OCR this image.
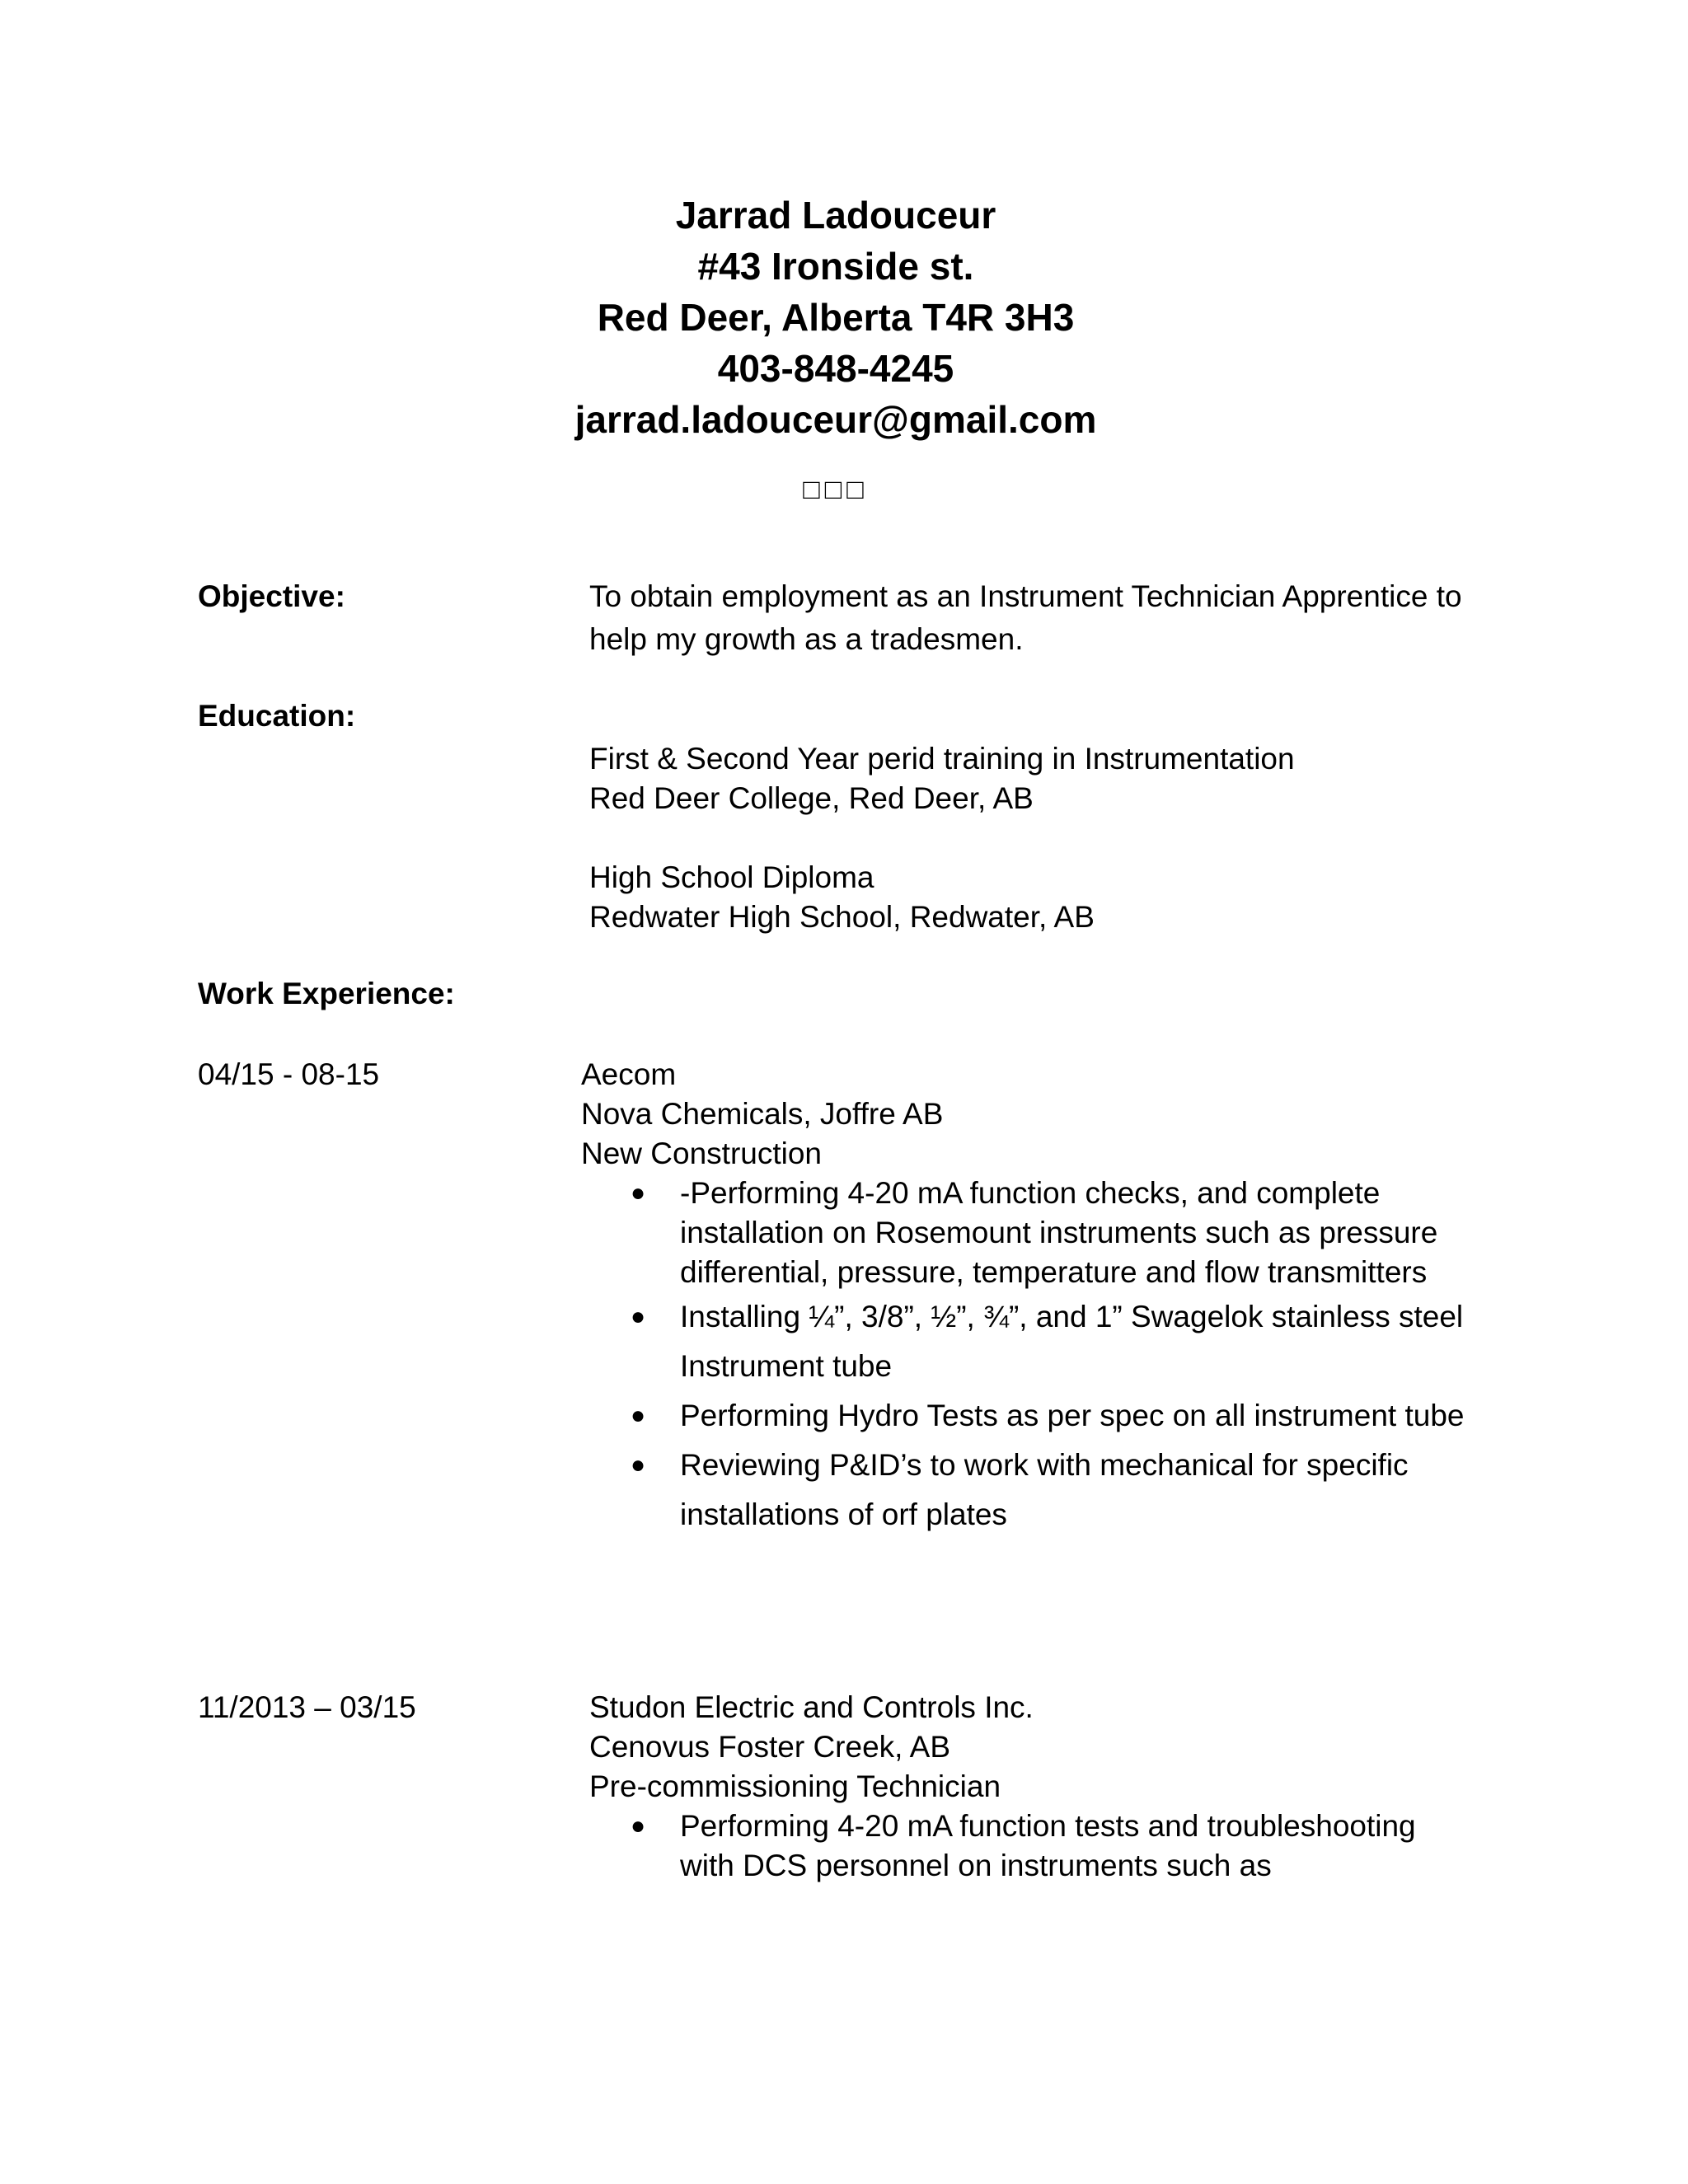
Jarrad Ladouceur

#43 Ironside st.

Red Deer, Alberta T4R 3H3

403-848-4245

jarrad.ladouceur@gmail.com

□□□
Objective:	To obtain employment as an Instrument Technician Apprentice to
help my growth as a tradesmen.
Education:
First & Second Year perid training in Instrumentation
Red Deer College, Red Deer, AB
High School Diploma
Redwater High School, Redwater, AB
Work Experience:
04/15 - 08-15	Aecom
Nova Chemicals, Joffre AB
New Construction
● -Performing 4-20 mA function checks, and complete
installation on Rosemount instruments such as pressure
differential, pressure, temperature and flow transmitters
● Installing ¼”, 3/8”, ½”, ¾”, and 1” Swagelok stainless steel
Instrument tube
● Performing Hydro Tests as per spec on all instrument tube
● Reviewing P&ID’s to work with mechanical for specific
installations of orf plates
11/2013 – 03/15	Studon Electric and Controls Inc.
Cenovus Foster Creek, AB
Pre-commissioning Technician
● Performing 4-20 mA function tests and troubleshooting
with DCS personnel on instruments such as
